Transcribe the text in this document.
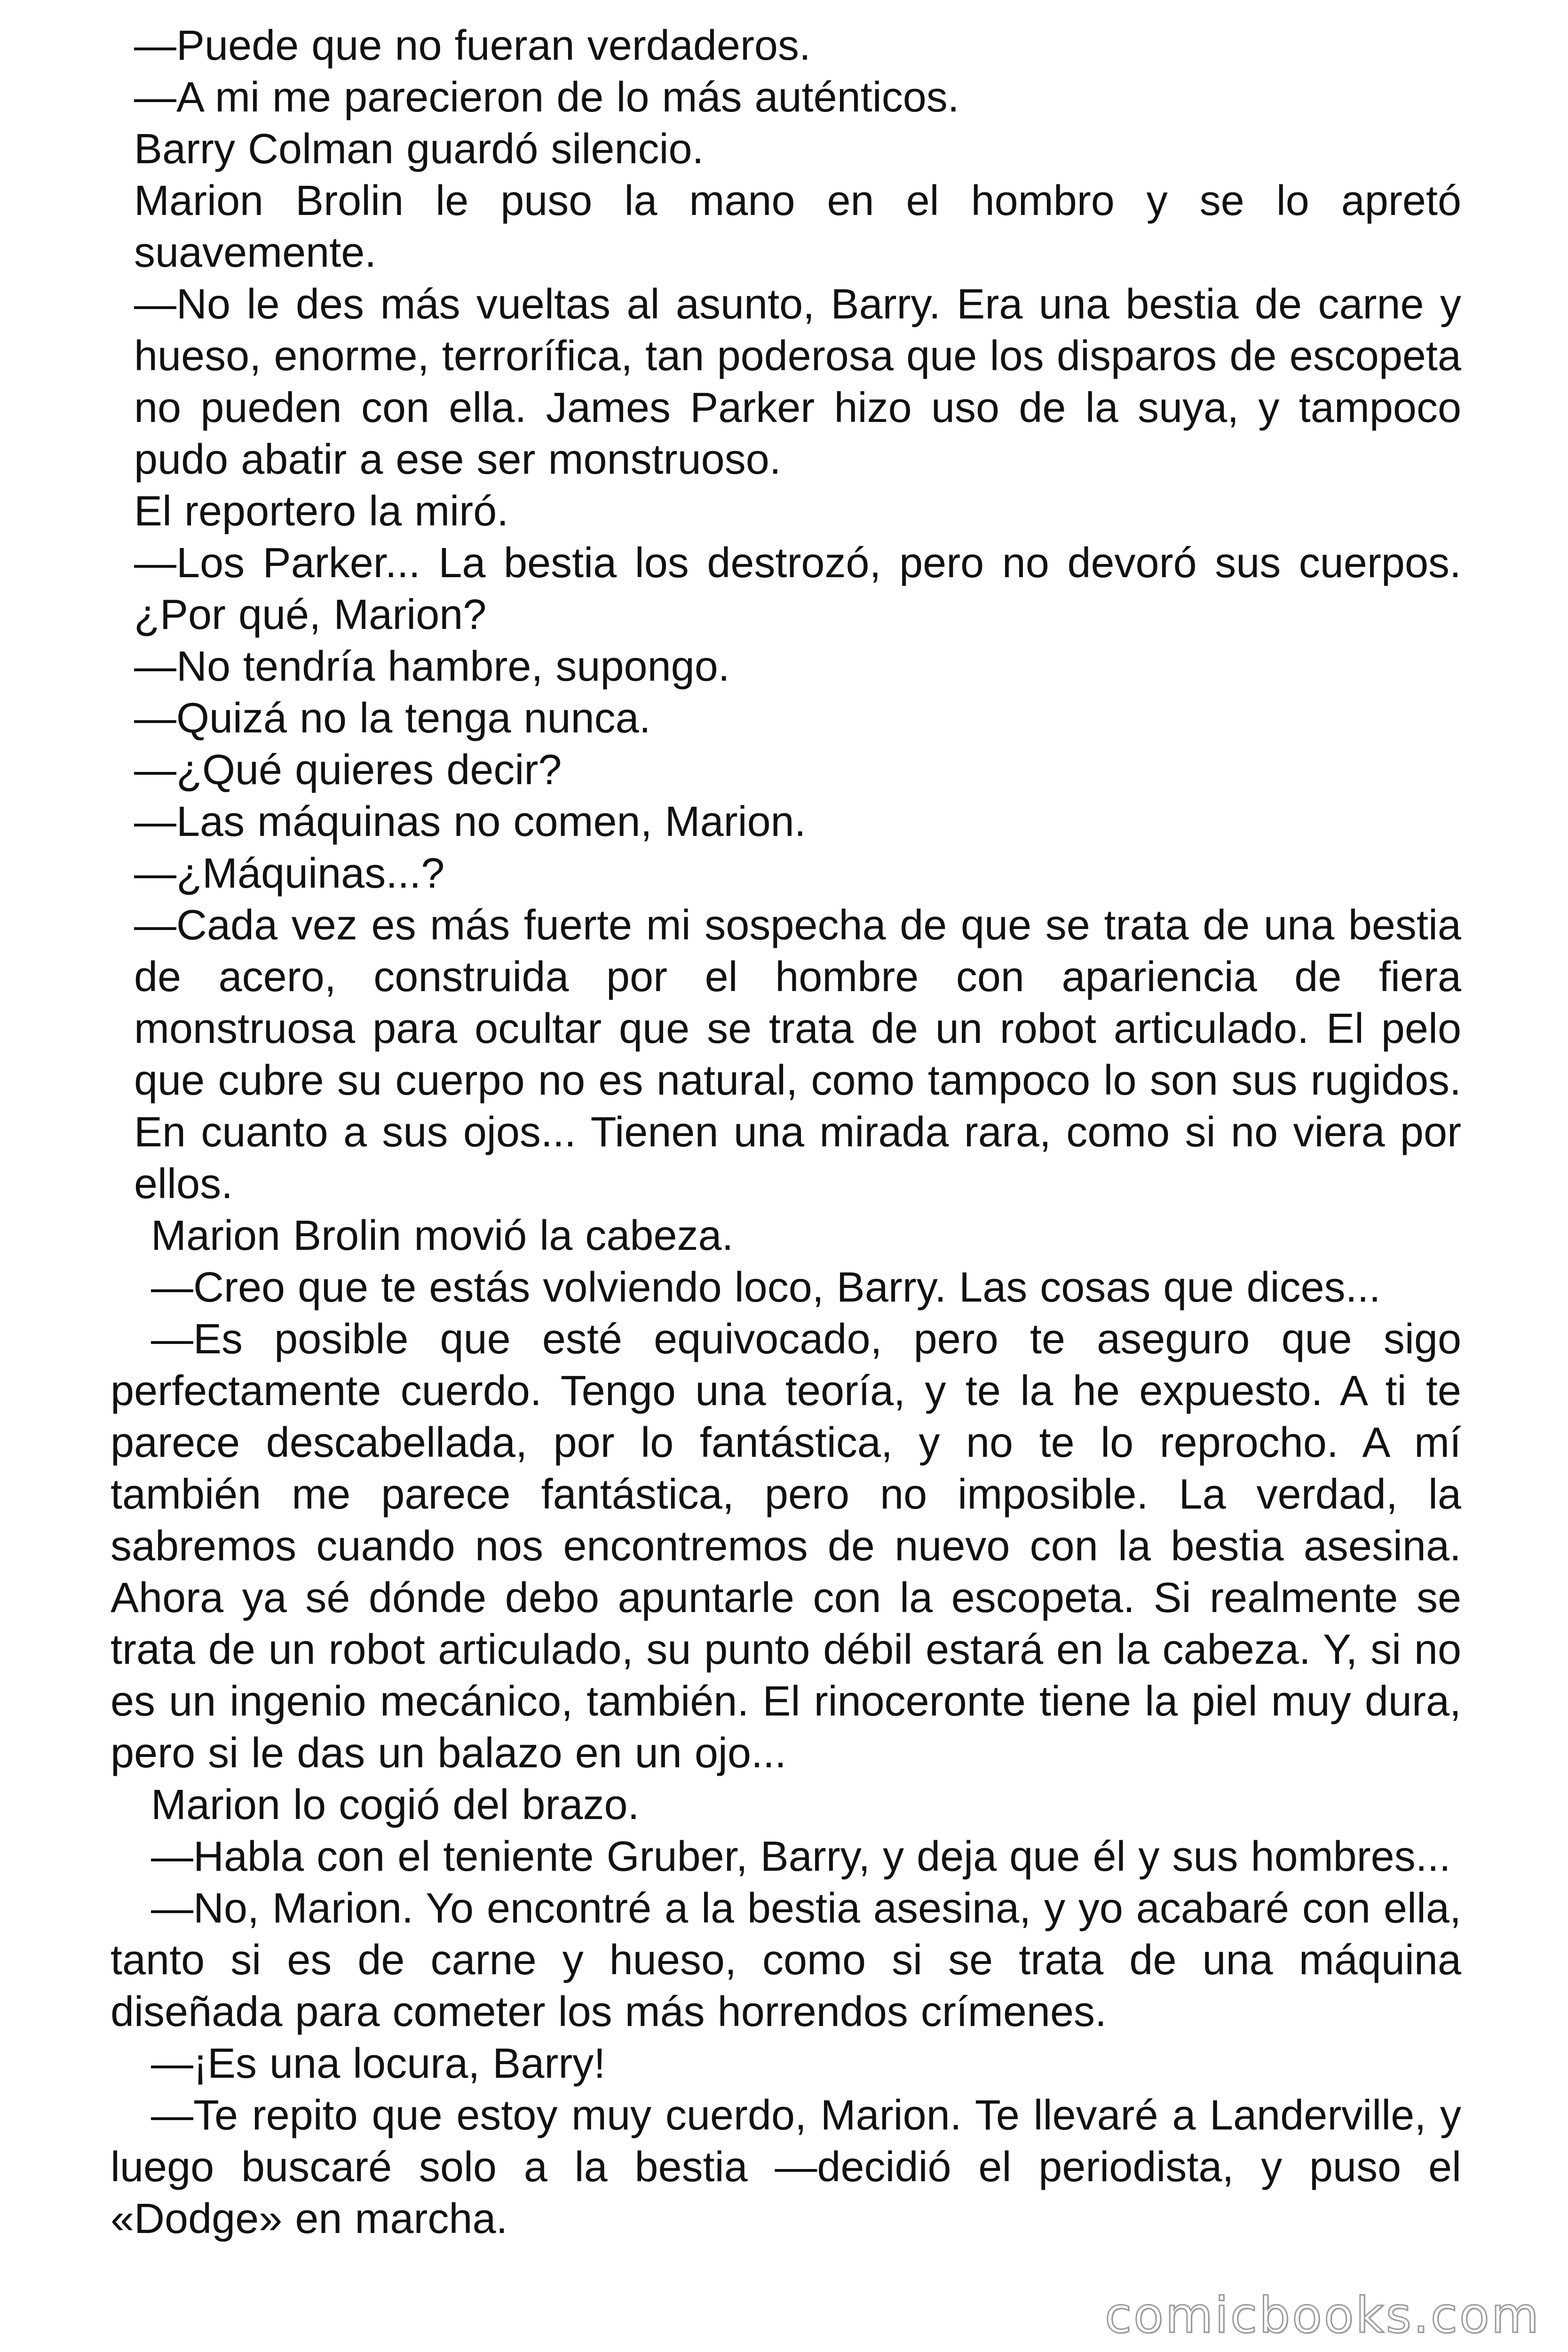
—Puede que no fueran verdaderos.

—A mi me parecieron de lo más auténticos.

Barry Colman guardó silencio.

Marion Brolin le puso la mano en el hombro y se lo apretó suavemente.

—No le des más vueltas al asunto, Barry. Era una bestia de carne y hueso, enorme, terrorífica, tan poderosa que los disparos de escopeta no pueden con ella. James Parker hizo uso de la suya, y tampoco pudo abatir a ese ser monstruoso.

El reportero la miró.

—Los Parker... La bestia los destrozó, pero no devoró sus cuerpos. ¿Por qué, Marion?

—No tendría hambre, supongo.

—Quizá no la tenga nunca.

—¿Qué quieres decir?

—Las máquinas no comen, Marion.

—¿Máquinas...?

—Cada vez es más fuerte mi sospecha de que se trata de una bestia de acero, construida por el hombre con apariencia de fiera monstruosa para ocultar que se trata de un robot articulado. El pelo que cubre su cuerpo no es natural, como tampoco lo son sus rugidos. En cuanto a sus ojos... Tienen una mirada rara, como si no viera por ellos.

Marion Brolin movió la cabeza.

—Creo que te estás volviendo loco, Barry. Las cosas que dices...

—Es posible que esté equivocado, pero te aseguro que sigo perfectamente cuerdo. Tengo una teoría, y te la he expuesto. A ti te parece descabellada, por lo fantástica, y no te lo reprocho. A mí también me parece fantástica, pero no imposible. La verdad, la sabremos cuando nos encontremos de nuevo con la bestia asesina. Ahora ya sé dónde debo apuntarle con la escopeta. Si realmente se trata de un robot articulado, su punto débil estará en la cabeza. Y, si no es un ingenio mecánico, también. El rinoceronte tiene la piel muy dura, pero si le das un balazo en un ojo...

Marion lo cogió del brazo.

—Habla con el teniente Gruber, Barry, y deja que él y sus hombres...

—No, Marion. Yo encontré a la bestia asesina, y yo acabaré con ella, tanto si es de carne y hueso, como si se trata de una máquina diseñada para cometer los más horrendos crímenes.

—¡Es una locura, Barry!

—Te repito que estoy muy cuerdo, Marion. Te llevaré a Landerville, y luego buscaré solo a la bestia —decidió el periodista, y puso el «Dodge» en marcha.

comicbooks.com
